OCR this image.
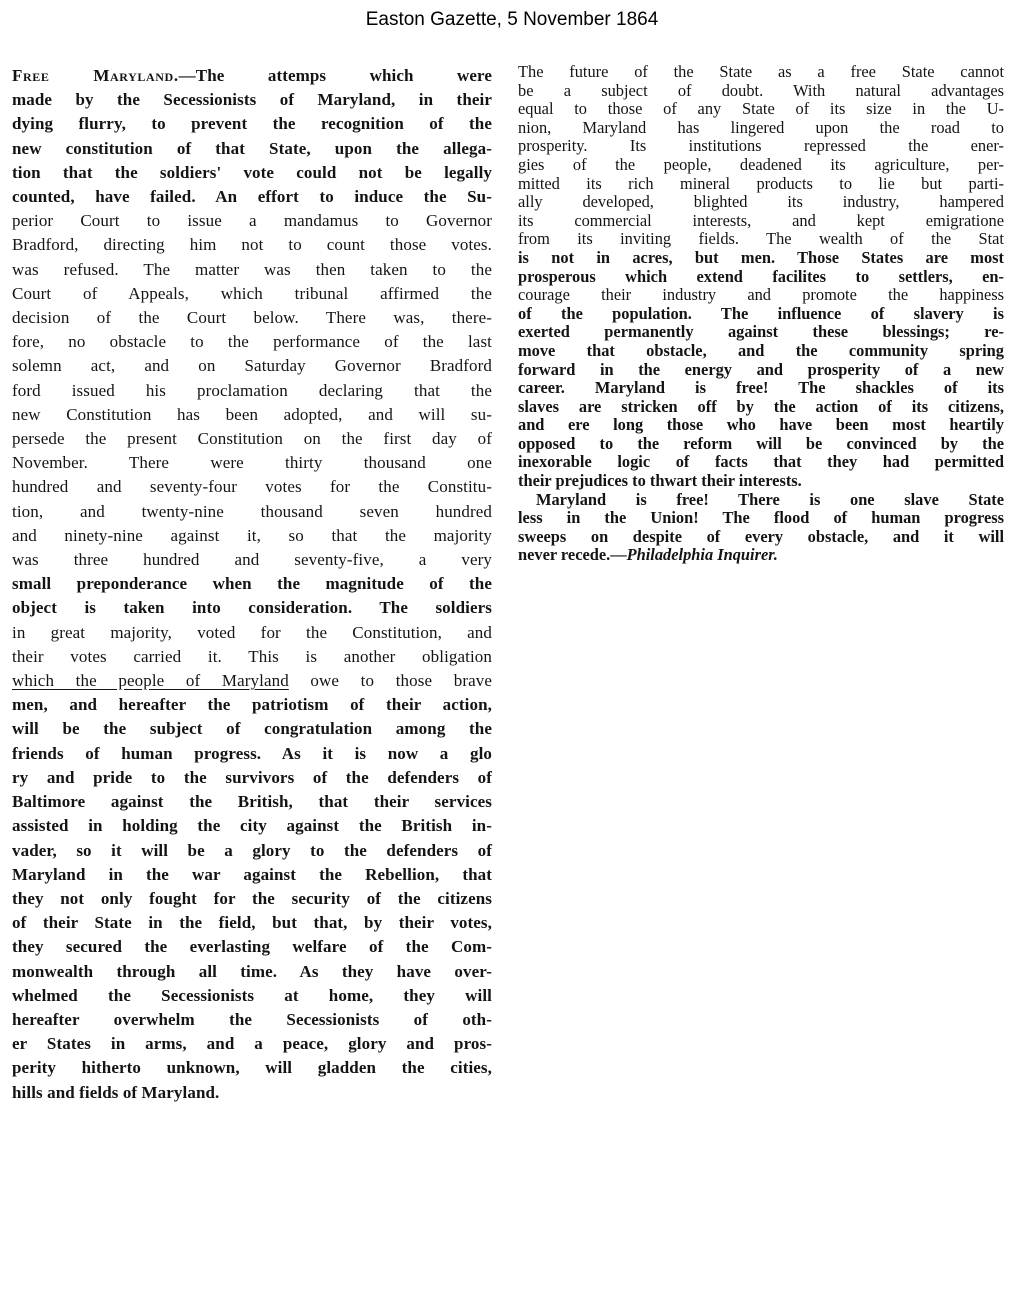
Easton Gazette, 5 November 1864
Free Maryland.—The attemps which were
made by the Secessionists of Maryland, in their
dying flurry, to prevent the recognition of the
new constitution of that State, upon the allega-
tion that the soldiers' vote could not be legally
counted, have failed. An effort to induce the Su-
perior Court to issue a mandamus to Governor
Bradford, directing him not to count those votes.
was refused. The matter was then taken to the
Court of Appeals, which tribunal affirmed the
decision of the Court below. There was, there-
fore, no obstacle to the performance of the last
solemn act, and on Saturday Governor Bradford
ford issued his proclamation declaring that the
new Constitution has been adopted, and will su-
persede the present Constitution on the first day of
November. There were thirty thousand one
hundred and seventy-four votes for the Constitu-
tion, and twenty-nine thousand seven hundred
and ninety-nine against it, so that the majority
was three hundred and seventy-five, a very
small preponderance when the magnitude of the
object is taken into consideration. The soldiers
in great majority, voted for the Constitution, and
their votes carried it. This is another obligation
which the people of Maryland owe to those brave
men, and hereafter the patriotism of their action,
will be the subject of congratulation among the
friends of human progress. As it is now a glo
ry and pride to the survivors of the defenders of
Baltimore against the British, that their services
assisted in holding the city against the British in-
vader, so it will be a glory to the defenders of
Maryland in the war against the Rebellion, that
they not only fought for the security of the citizens
of their State in the field, but that, by their votes,
they secured the everlasting welfare of the Com-
monwealth through all time. As they have over-
whelmed the Secessionists at home, they will
hereafter overwhelm the Secessionists of oth-
er States in arms, and a peace, glory and pros-
perity hitherto unknown, will gladden the cities,
hills and fields of Maryland.
The future of the State as a free State cannot
be a subject of doubt. With natural advantages
equal to those of any State of its size in the U-
nion, Maryland has lingered upon the road to
prosperity. Its institutions repressed the ener-
gies of the people, deadened its agriculture, per-
mitted its rich mineral products to lie but parti-
ally developed, blighted its industry, hampered
its commercial interests, and kept emigratione
from its inviting fields. The wealth of the Stat
is not in acres, but men. Those States are most
prosperous which extend facilites to settlers, en-
courage their industry and promote the happiness
of the population. The influence of slavery is
exerted permanently against these blessings; re-
move that obstacle, and the community spring
forward in the energy and prosperity of a new
career. Maryland is free! The shackles of its
slaves are stricken off by the action of its citizens,
and ere long those who have been most heartily
opposed to the reform will be convinced by the
inexorable logic of facts that they had permitted
their prejudices to thwart their interests.
Maryland is free! There is one slave State
less in the Union! The flood of human progress
sweeps on despite of every obstacle, and it will
never recede.—Philadelphia Inquirer.
